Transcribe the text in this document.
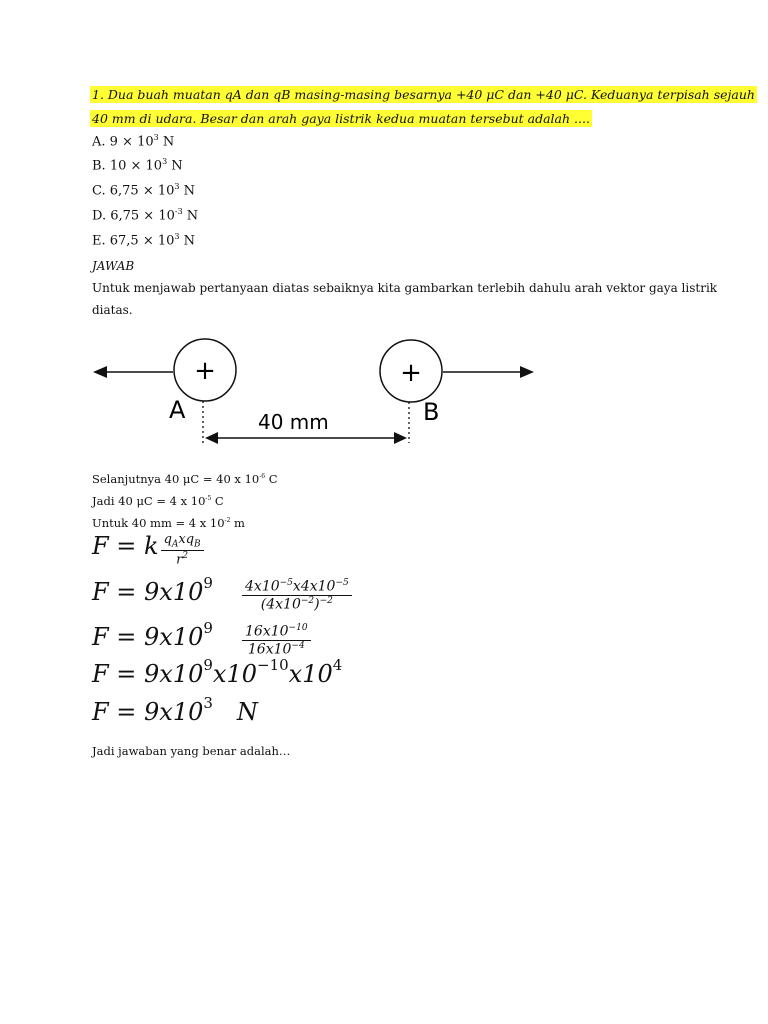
1. Dua buah muatan qA dan qB masing-masing besarnya +40 μC dan +40 μC. Keduanya terpisah sejauh
40 mm di udara. Besar dan arah gaya listrik kedua muatan tersebut adalah ....
A. $9 \times 10^3$ N
B. $10 \times 10^3$ N
C. $6,75 \times 10^3$ N
D. $6,75 \times 10^{-3}$ N
E. $67,5 \times 10^3$ N
JAWAB
Untuk menjawab pertanyaan diatas sebaiknya kita gambarkan terlebih dahulu arah vektor gaya listrik
diatas.
+	+
A	B
40 mm
Selanjutnya 40 μC = 40 x $10^{-6}$ C
Jadi 40 μC = 4 x $10^{-5}$ C
Untuk 40 mm = 4 x $10^{-2}$ m
F = k $\frac{q_Axq_B}{r^2}$
$F = 9x109 \frac{4x10^{-5}x4x10^{-5}}{(4x10^{-2})^{-2}}$
$F = 9x109 \frac{16x10^{-10}}{16x10^{-4}}$
F = 9x109x10−10x104
F = 9x103 N
Jadi jawaban yang benar adalah…
